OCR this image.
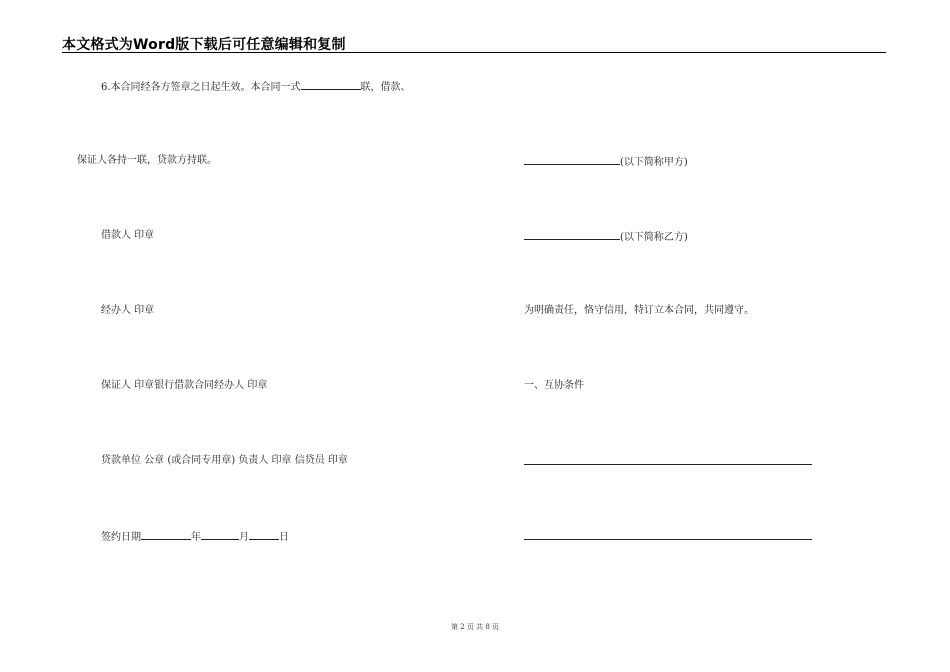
本文格式为Word版下载后可任意编辑和复制
6.本合同经各方签章之日起生效。本合同一式	联，借款、
保证人各持一联，贷款方持联。
借款人 印章
经办人 印章
保证人 印章银行借款合同经办人 印章
贷款单位 公章 (或合同专用章) 负责人 印章 信贷员 印章
签约日期	年	月	日
(以下简称甲方)
(以下简称乙方)
为明确责任，恪守信用，特订立本合同，共同遵守。
一、互协条件
第 2 页 共 8 页
